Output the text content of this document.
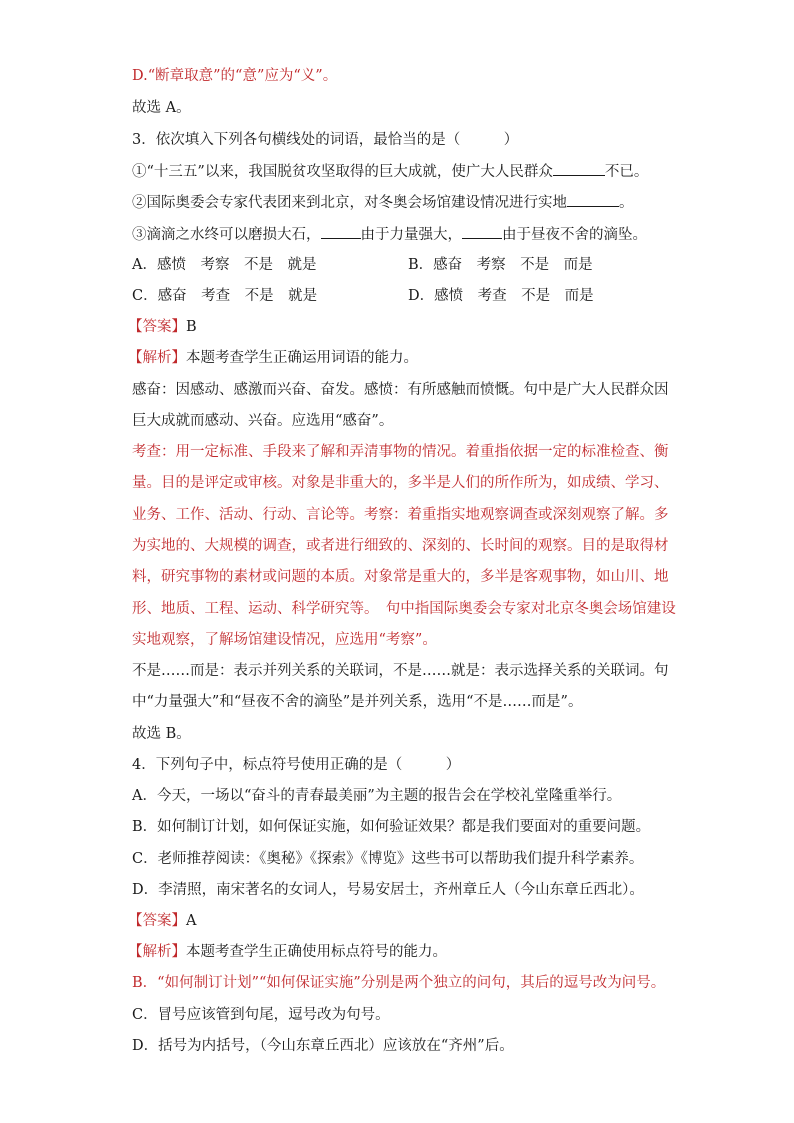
D.“断章取意”的“意”应为“义”。
故选 A。
3．依次填入下列各句横线处的词语，最恰当的是（　　　）
①“十三五”以来，我国脱贫攻坚取得的巨大成就，使广大人民群众	不已。
②国际奥委会专家代表团来到北京，对冬奥会场馆建设情况进行实地	。
③滴滴之水终可以磨损大石，	由于力量强大，	由于昼夜不舍的滴坠。
A．感愤　考察　不是　就是	B．感奋　考察　不是　而是
C．感奋　考查　不是　就是	D．感愤　考查　不是　而是
【答案】B
【解析】本题考查学生正确运用词语的能力。
感奋：因感动、感激而兴奋、奋发。感愤：有所感触而愤慨。句中是广大人民群众因
巨大成就而感动、兴奋。应选用“感奋”。
考查：用一定标准、手段来了解和弄清事物的情况。着重指依据一定的标准检查、衡
量。目的是评定或审核。对象是非重大的，多半是人们的所作所为，如成绩、学习、
业务、工作、活动、行动、言论等。考察：着重指实地观察调查或深刻观察了解。多
为实地的、大规模的调查，或者进行细致的、深刻的、长时间的观察。目的是取得材
料，研究事物的素材或问题的本质。对象常是重大的，多半是客观事物，如山川、地
形、地质、工程、运动、科学研究等。　句中指国际奥委会专家对北京冬奥会场馆建设
实地观察，了解场馆建设情况，应选用“考察”。
不是……而是：表示并列关系的关联词，不是……就是：表示选择关系的关联词。句
中“力量强大”和“昼夜不舍的滴坠”是并列关系，选用“不是……而是”。
故选 B。
4．下列句子中，标点符号使用正确的是（　　　）
A．今天，一场以“奋斗的青春最美丽”为主题的报告会在学校礼堂隆重举行。
B．如何制订计划，如何保证实施，如何验证效果？都是我们要面对的重要问题。
C．老师推荐阅读：《奥秘》《探索》《博览》这些书可以帮助我们提升科学素养。
D．李清照，南宋著名的女词人，号易安居士，齐州章丘人（今山东章丘西北）。
【答案】A
【解析】本题考查学生正确使用标点符号的能力。
B．“如何制订计划”“如何保证实施”分别是两个独立的问句，其后的逗号改为问号。
C．冒号应该管到句尾，逗号改为句号。
D．括号为内括号，（今山东章丘西北）应该放在“齐州”后。
